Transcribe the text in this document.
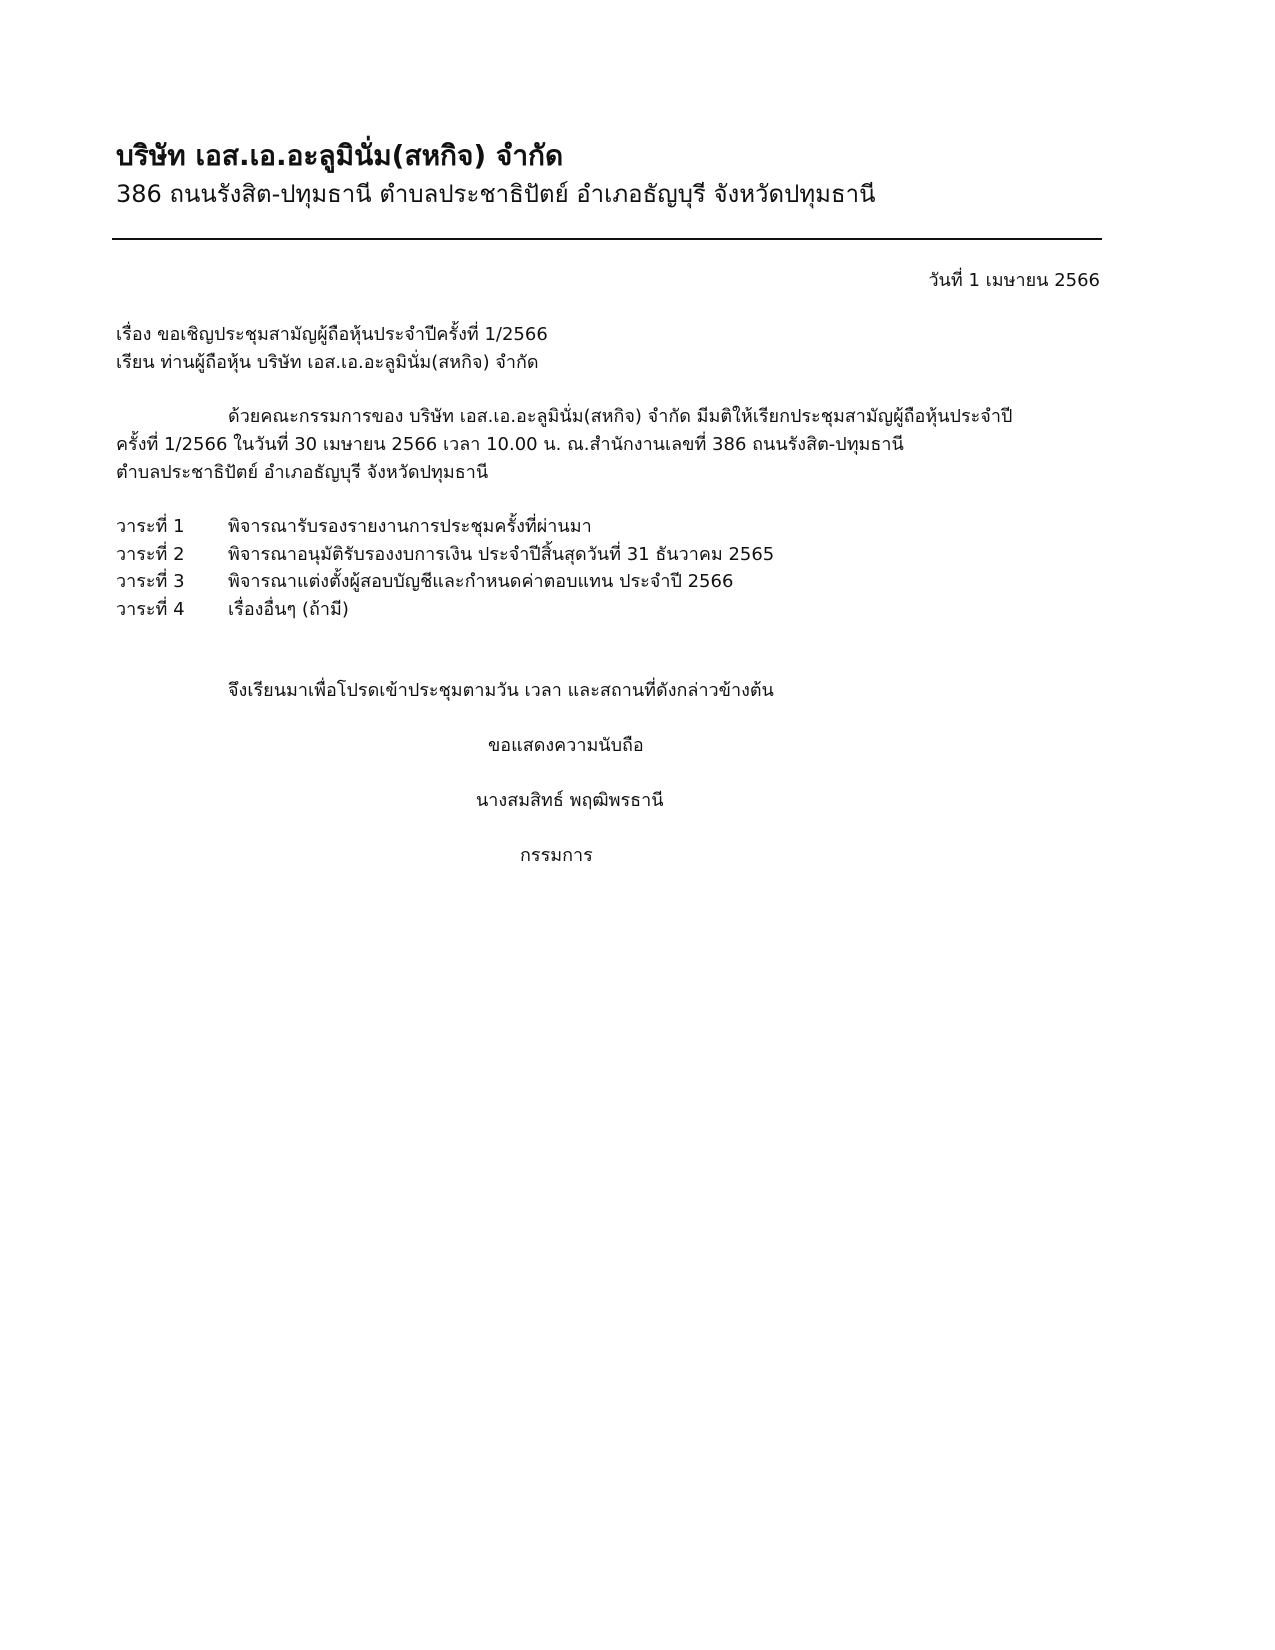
บริษัท เอส.เอ.อะลูมินั่ม(สหกิจ) จำกัด
386 ถนนรังสิต-ปทุมธานี ตำบลประชาธิปัตย์ อำเภอธัญบุรี จังหวัดปทุมธานี
วันที่ 1 เมษายน 2566
เรื่อง ขอเชิญประชุมสามัญผู้ถือหุ้นประจำปีครั้งที่ 1/2566
เรียน ท่านผู้ถือหุ้น บริษัท เอส.เอ.อะลูมินั่ม(สหกิจ) จำกัด
ด้วยคณะกรรมการของ บริษัท เอส.เอ.อะลูมินั่ม(สหกิจ) จำกัด มีมติให้เรียกประชุมสามัญผู้ถือหุ้นประจำปี
ครั้งที่ 1/2566 ในวันที่ 30 เมษายน 2566 เวลา 10.00 น. ณ.สำนักงานเลขที่ 386 ถนนรังสิต-ปทุมธานี
ตำบลประชาธิปัตย์ อำเภอธัญบุรี จังหวัดปทุมธานี
วาระที่ 1 พิจารณารับรองรายงานการประชุมครั้งที่ผ่านมา
วาระที่ 2 พิจารณาอนุมัติรับรองงบการเงิน ประจำปีสิ้นสุดวันที่ 31 ธันวาคม 2565
วาระที่ 3 พิจารณาแต่งตั้งผู้สอบบัญชีและกำหนดค่าตอบแทน ประจำปี 2566
วาระที่ 4 เรื่องอื่นๆ (ถ้ามี)
จึงเรียนมาเพื่อโปรดเข้าประชุมตามวัน เวลา และสถานที่ดังกล่าวข้างต้น
ขอแสดงความนับถือ
นางสมสิทธ์ พฤฒิพรธานี
กรรมการ
